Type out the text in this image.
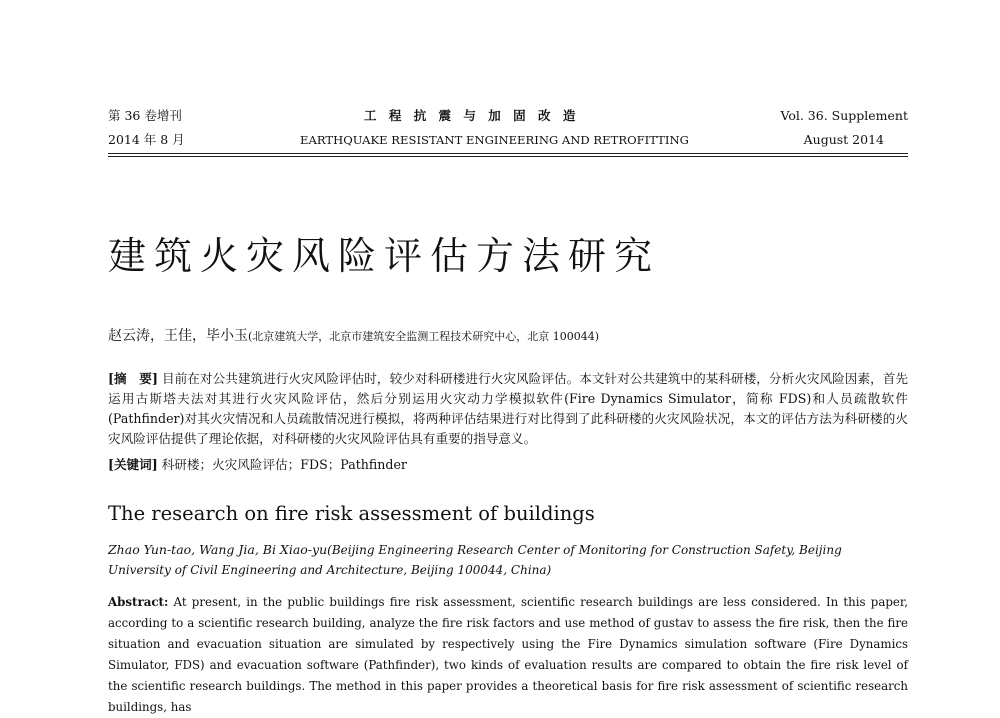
第 36 卷增刊
2014 年 8 月
工 程 抗 震 与 加 固 改 造
EARTHQUAKE RESISTANT ENGINEERING AND RETROFITTING
Vol. 36. Supplement
August 2014
建筑火灾风险评估方法研究
赵云涛，王佳，毕小玉(北京建筑大学，北京市建筑安全监测工程技术研究中心，北京 100044)
[摘　要] 目前在对公共建筑进行火灾风险评估时，较少对科研楼进行火灾风险评估。本文针对公共建筑中的某科研楼，分析火灾风险因素，首先运用古斯塔夫法对其进行火灾风险评估，然后分别运用火灾动力学模拟软件(Fire Dynamics Simulator，简称 FDS)和人员疏散软件(Pathfinder)对其火灾情况和人员疏散情况进行模拟，将两种评估结果进行对比得到了此科研楼的火灾风险状况，本文的评估方法为科研楼的火灾风险评估提供了理论依据，对科研楼的火灾风险评估具有重要的指导意义。
[关键词] 科研楼；火灾风险评估；FDS；Pathfinder
The research on fire risk assessment of buildings
Zhao Yun-tao, Wang Jia, Bi Xiao-yu(Beijing Engineering Research Center of Monitoring for Construction Safety, Beijing University of Civil Engineering and Architecture, Beijing 100044, China)
Abstract: At present, in the public buildings fire risk assessment, scientific research buildings are less considered. In this paper, according to a scientific research building, analyze the fire risk factors and use method of gustav to assess the fire risk, then the fire situation and evacuation situation are simulated by respectively using the Fire Dynamics simulation software (Fire Dynamics Simulator, FDS) and evacuation software (Pathfinder), two kinds of evaluation results are compared to obtain the fire risk level of the scientific research buildings. The method in this paper provides a theoretical basis for fire risk assessment of scientific research buildings, has
